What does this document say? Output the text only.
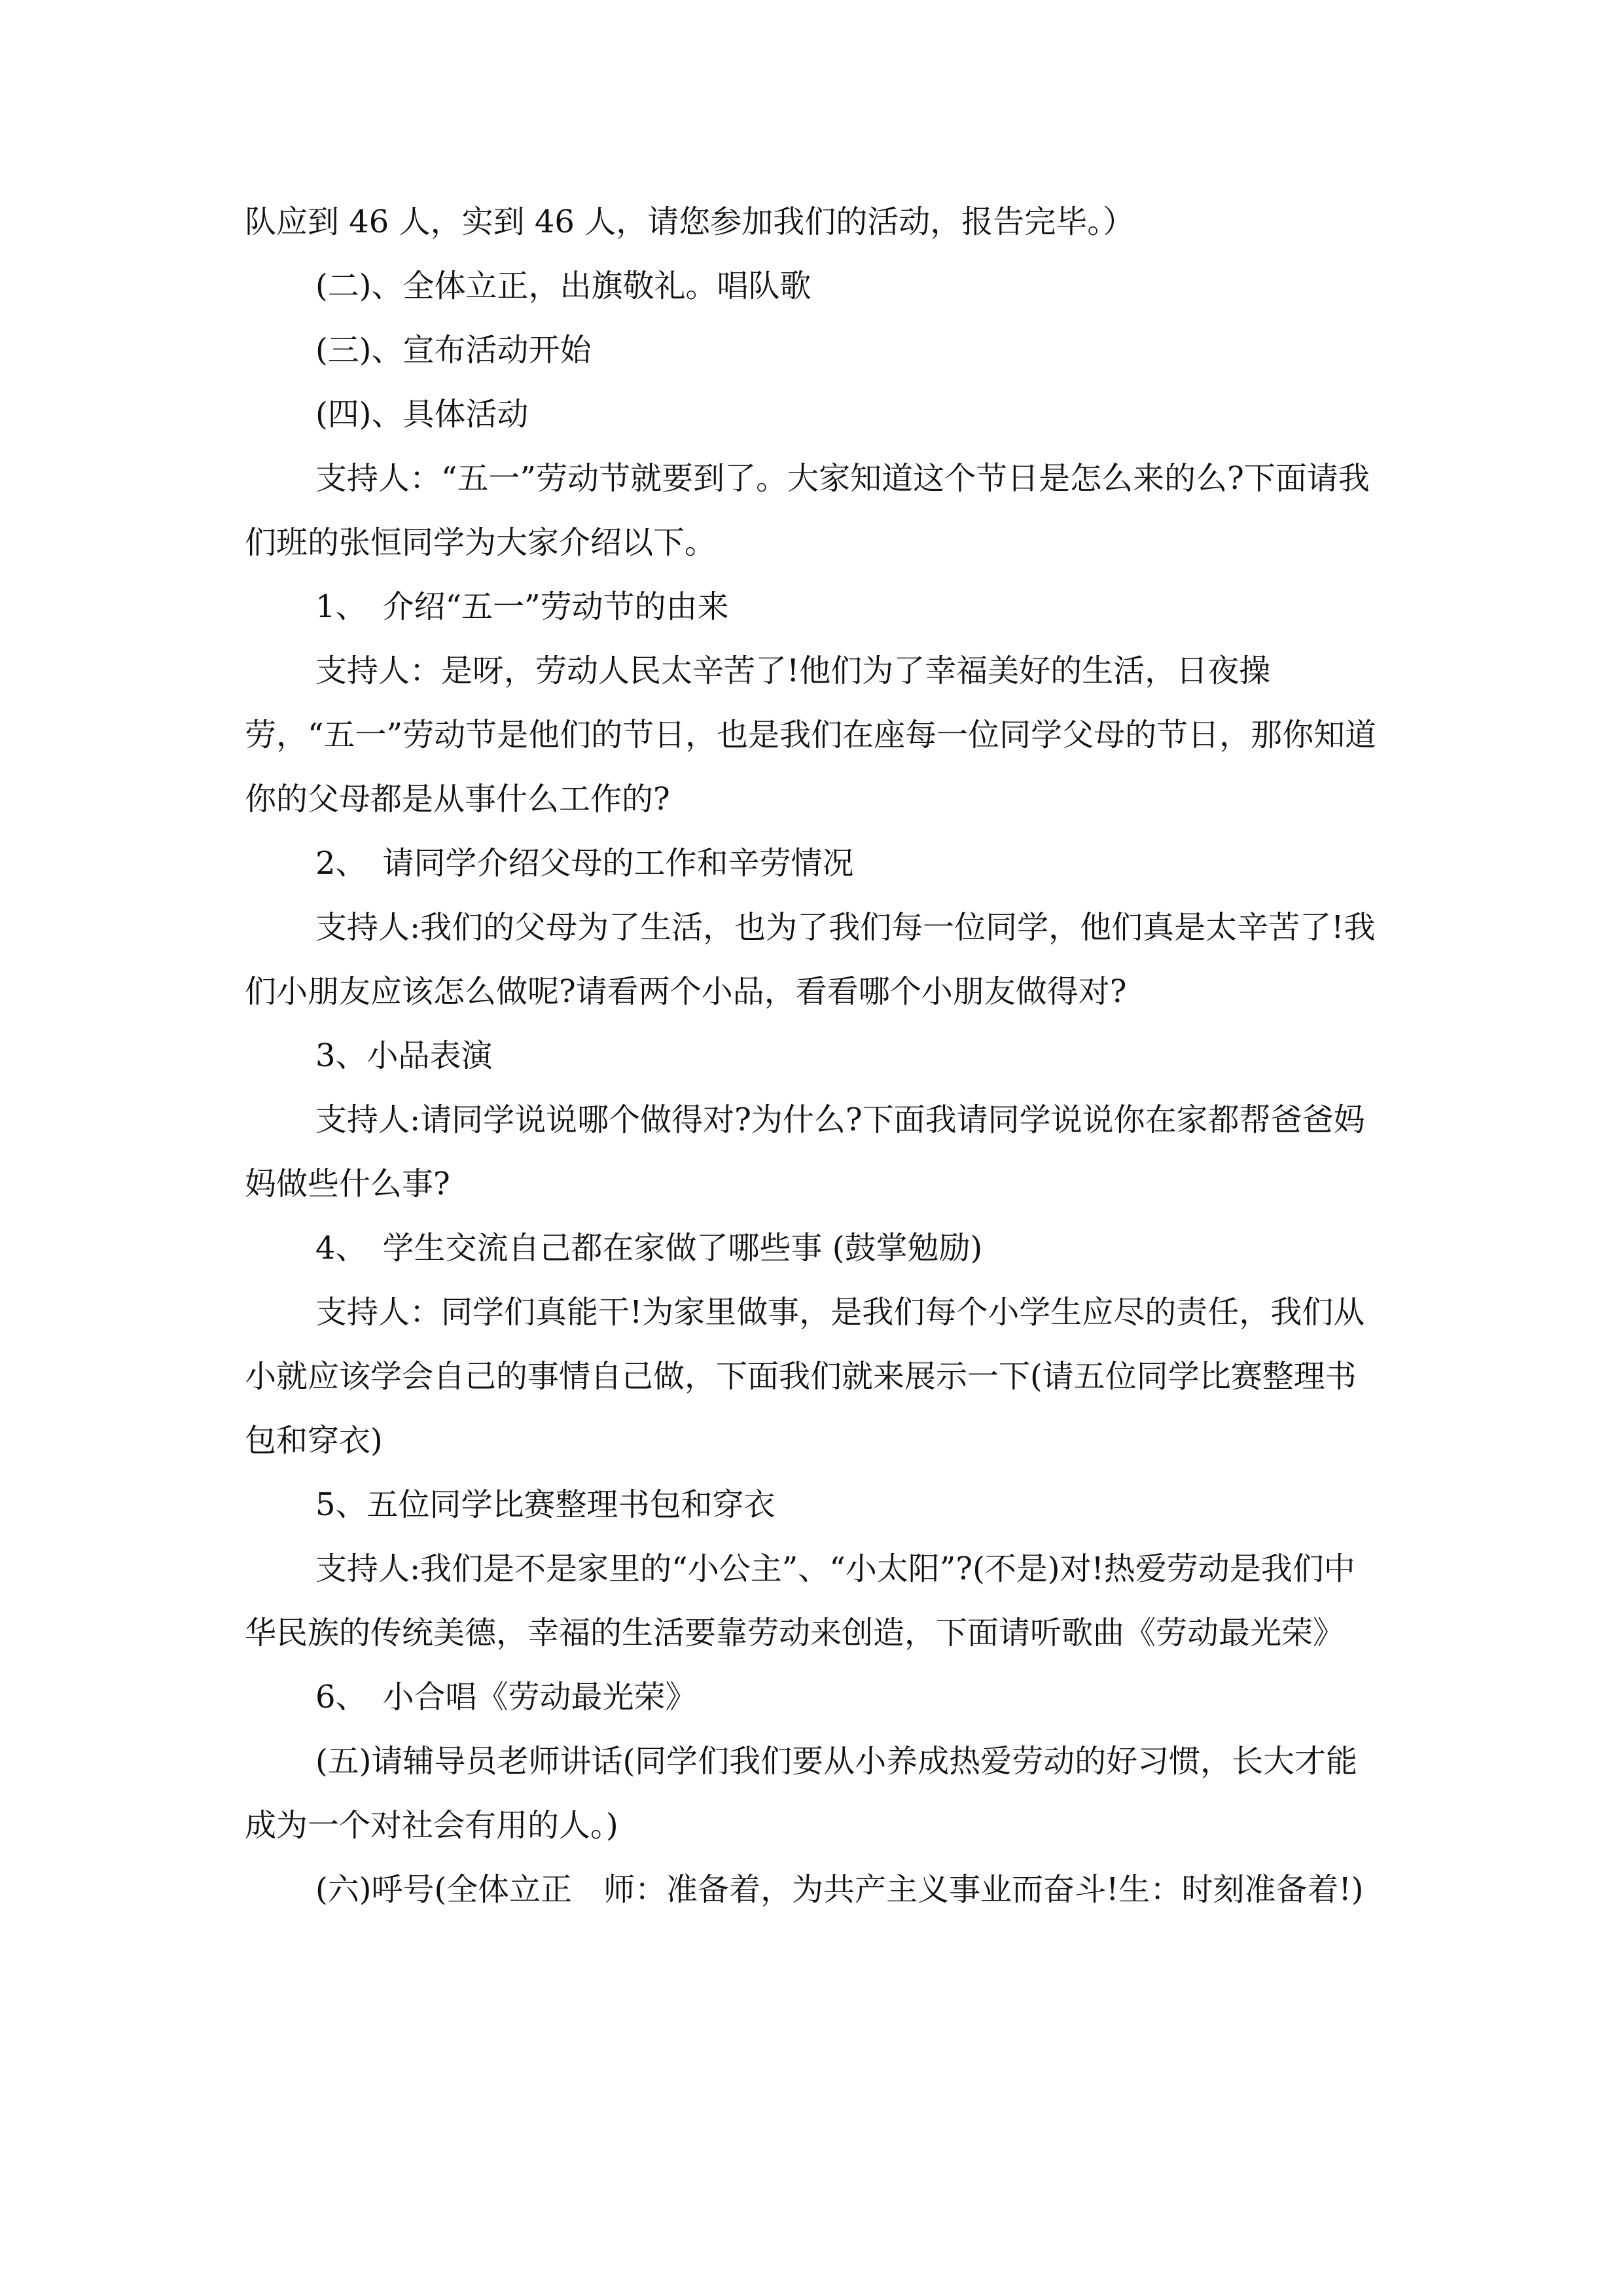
队应到 46 人，实到 46 人，请您参加我们的活动，报告完毕。）

(二)、全体立正，出旗敬礼。唱队歌

(三)、宣布活动开始

(四)、具体活动

支持人：“五一”劳动节就要到了。大家知道这个节日是怎么来的么?下面请我们班的张恒同学为大家介绍以下。

1、　介绍“五一”劳动节的由来

支持人：是呀，劳动人民太辛苦了!他们为了幸福美好的生活，日夜操劳，“五一”劳动节是他们的节日，也是我们在座每一位同学父母的节日，那你知道你的父母都是从事什么工作的?

2、　请同学介绍父母的工作和辛劳情况

支持人:我们的父母为了生活，也为了我们每一位同学，他们真是太辛苦了!我们小朋友应该怎么做呢?请看两个小品，看看哪个小朋友做得对?

3、小品表演

支持人:请同学说说哪个做得对?为什么?下面我请同学说说你在家都帮爸爸妈妈做些什么事?

4、　学生交流自己都在家做了哪些事 (鼓掌勉励)

支持人：同学们真能干!为家里做事，是我们每个小学生应尽的责任，我们从小就应该学会自己的事情自己做，下面我们就来展示一下(请五位同学比赛整理书包和穿衣)

5、五位同学比赛整理书包和穿衣

支持人:我们是不是家里的“小公主”、“小太阳”?(不是)对!热爱劳动是我们中华民族的传统美德，幸福的生活要靠劳动来创造，下面请听歌曲《劳动最光荣》

6、　小合唱《劳动最光荣》

(五)请辅导员老师讲话(同学们我们要从小养成热爱劳动的好习惯，长大才能成为一个对社会有用的人。)

(六)呼号(全体立正　师：准备着，为共产主义事业而奋斗!生：时刻准备着!)
